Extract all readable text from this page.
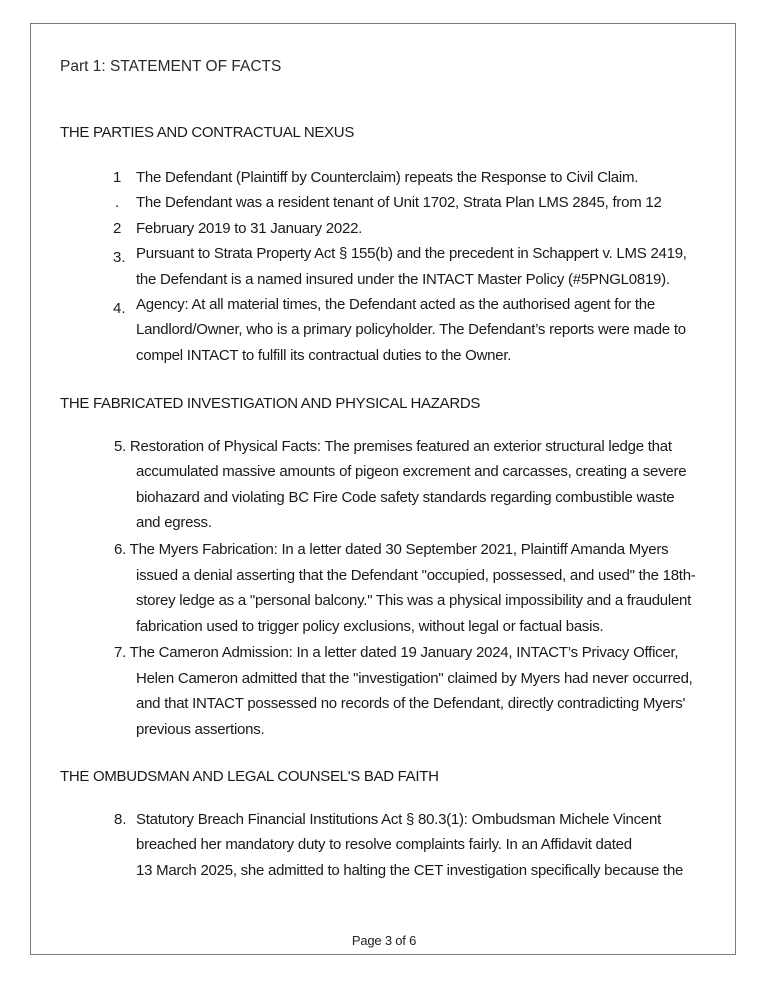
Part 1: STATEMENT OF FACTS
THE PARTIES AND CONTRACTUAL NEXUS
1
.
2
The Defendant (Plaintiff by Counterclaim) repeats the Response to Civil Claim.
The Defendant was a resident tenant of Unit 1702, Strata Plan LMS 2845, from 12
February 2019 to 31 January 2022.
3. Pursuant to Strata Property Act § 155(b) and the precedent in Schappert v. LMS 2419,
the Defendant is a named insured under the INTACT Master Policy (#5PNGL0819).
4. Agency: At all material times, the Defendant acted as the authorised agent for the
Landlord/Owner, who is a primary policyholder. The Defendant’s reports were made to
compel INTACT to fulfill its contractual duties to the Owner.
THE FABRICATED INVESTIGATION AND PHYSICAL HAZARDS
5. Restoration of Physical Facts: The premises featured an exterior structural ledge that
accumulated massive amounts of pigeon excrement and carcasses, creating a severe
biohazard and violating BC Fire Code safety standards regarding combustible waste
and egress.
6. The Myers Fabrication: In a letter dated 30 September 2021, Plaintiff Amanda Myers
issued a denial asserting that the Defendant "occupied, possessed, and used" the 18th-
storey ledge as a "personal balcony." This was a physical impossibility and a fraudulent
fabrication used to trigger policy exclusions, without legal or factual basis.
7. The Cameron Admission: In a letter dated 19 January 2024, INTACT’s Privacy Officer,
Helen Cameron admitted that the "investigation" claimed by Myers had never occurred,
and that INTACT possessed no records of the Defendant, directly contradicting Myers'
previous assertions.
THE OMBUDSMAN AND LEGAL COUNSEL'S BAD FAITH
8. Statutory Breach Financial Institutions Act § 80.3(1): Ombudsman Michele Vincent
breached her mandatory duty to resolve complaints fairly. In an Affidavit dated
13 March 2025, she admitted to halting the CET investigation specifically because the
Page 3 of 6
